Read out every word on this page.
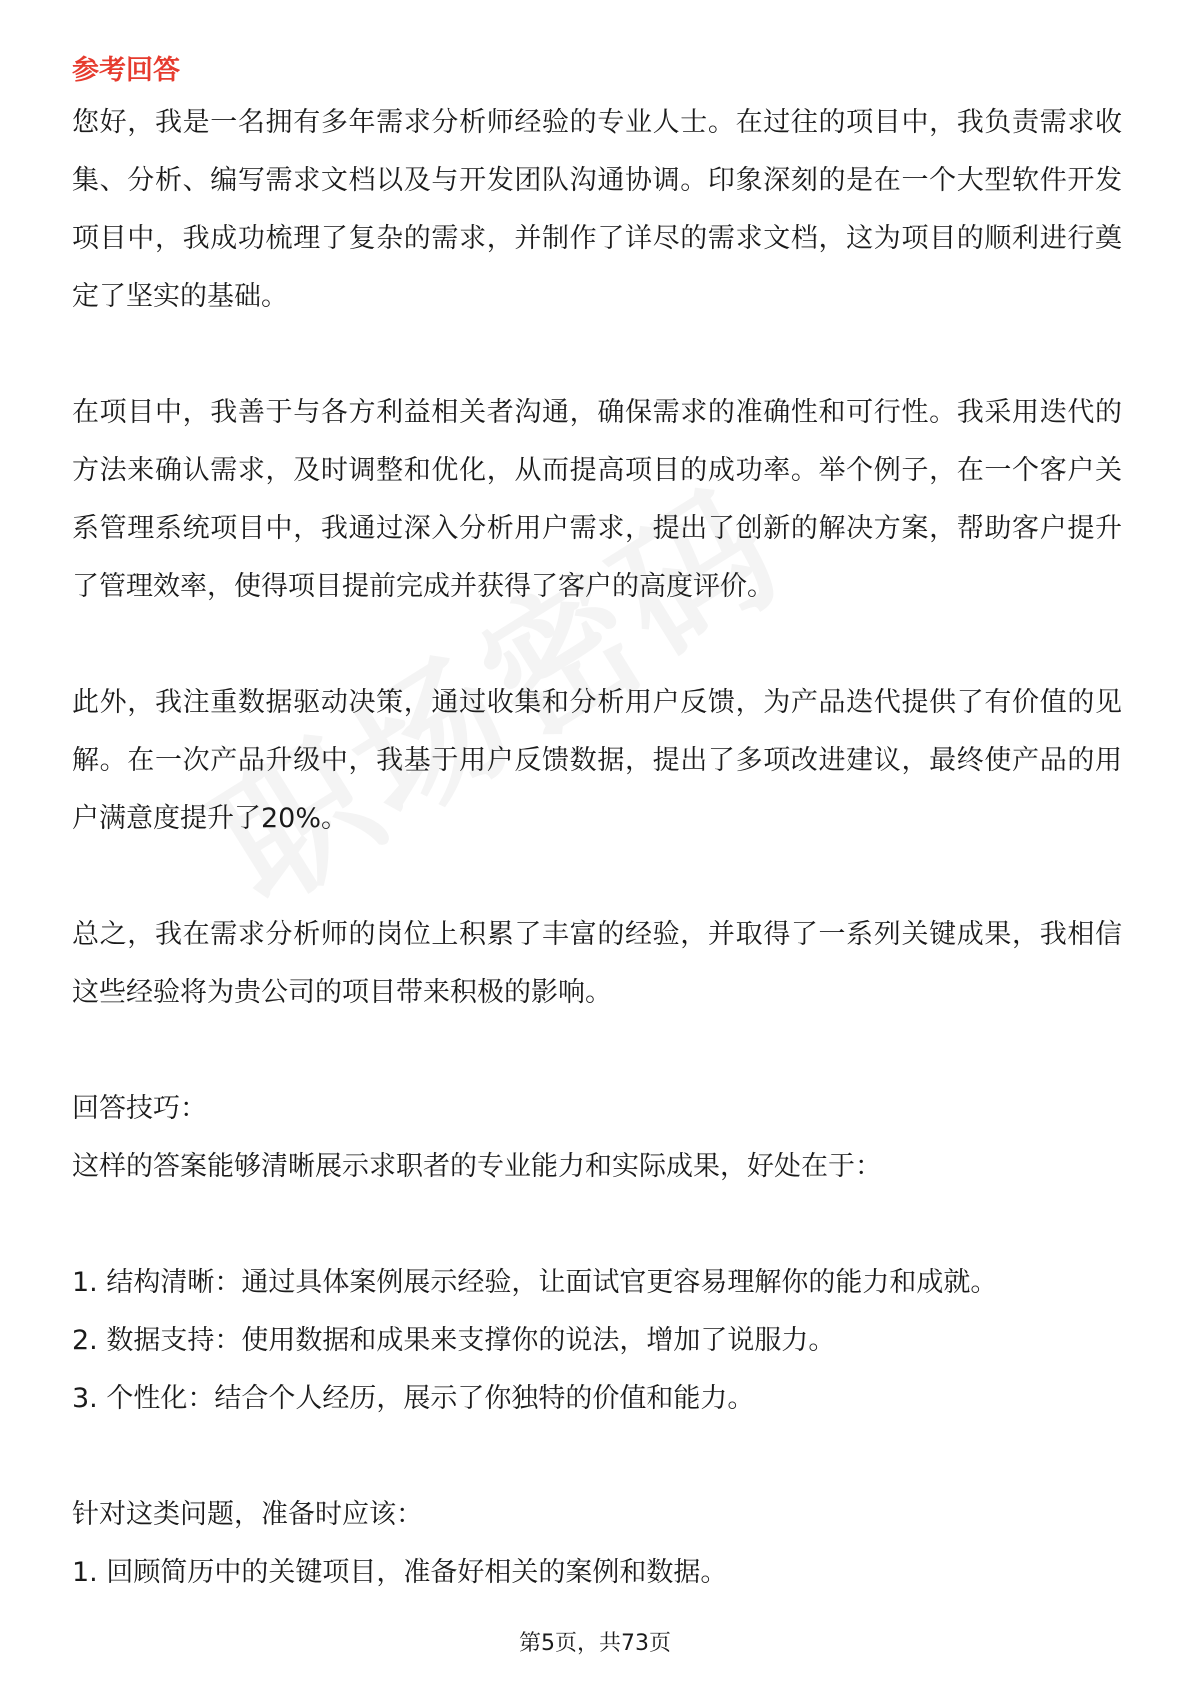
参考回答

您好，我是一名拥有多年需求分析师经验的专业人士。在过往的项目中，我负责需求收集、分析、编写需求文档以及与开发团队沟通协调。印象深刻的是在一个大型软件开发项目中，我成功梳理了复杂的需求，并制作了详尽的需求文档，这为项目的顺利进行奠定了坚实的基础。

在项目中，我善于与各方利益相关者沟通，确保需求的准确性和可行性。我采用迭代的方法来确认需求，及时调整和优化，从而提高项目的成功率。举个例子，在一个客户关系管理系统项目中，我通过深入分析用户需求，提出了创新的解决方案，帮助客户提升了管理效率，使得项目提前完成并获得了客户的高度评价。

此外，我注重数据驱动决策，通过收集和分析用户反馈，为产品迭代提供了有价值的见解。在一次产品升级中，我基于用户反馈数据，提出了多项改进建议，最终使产品的用户满意度提升了20%。

总之，我在需求分析师的岗位上积累了丰富的经验，并取得了一系列关键成果，我相信这些经验将为贵公司的项目带来积极的影响。

回答技巧：

这样的答案能够清晰展示求职者的专业能力和实际成果，好处在于：

1. 结构清晰：通过具体案例展示经验，让面试官更容易理解你的能力和成就。

2. 数据支持：使用数据和成果来支撑你的说法，增加了说服力。

3. 个性化：结合个人经历，展示了你独特的价值和能力。

针对这类问题，准备时应该：

1. 回顾简历中的关键项目，准备好相关的案例和数据。

第5页，共73页
